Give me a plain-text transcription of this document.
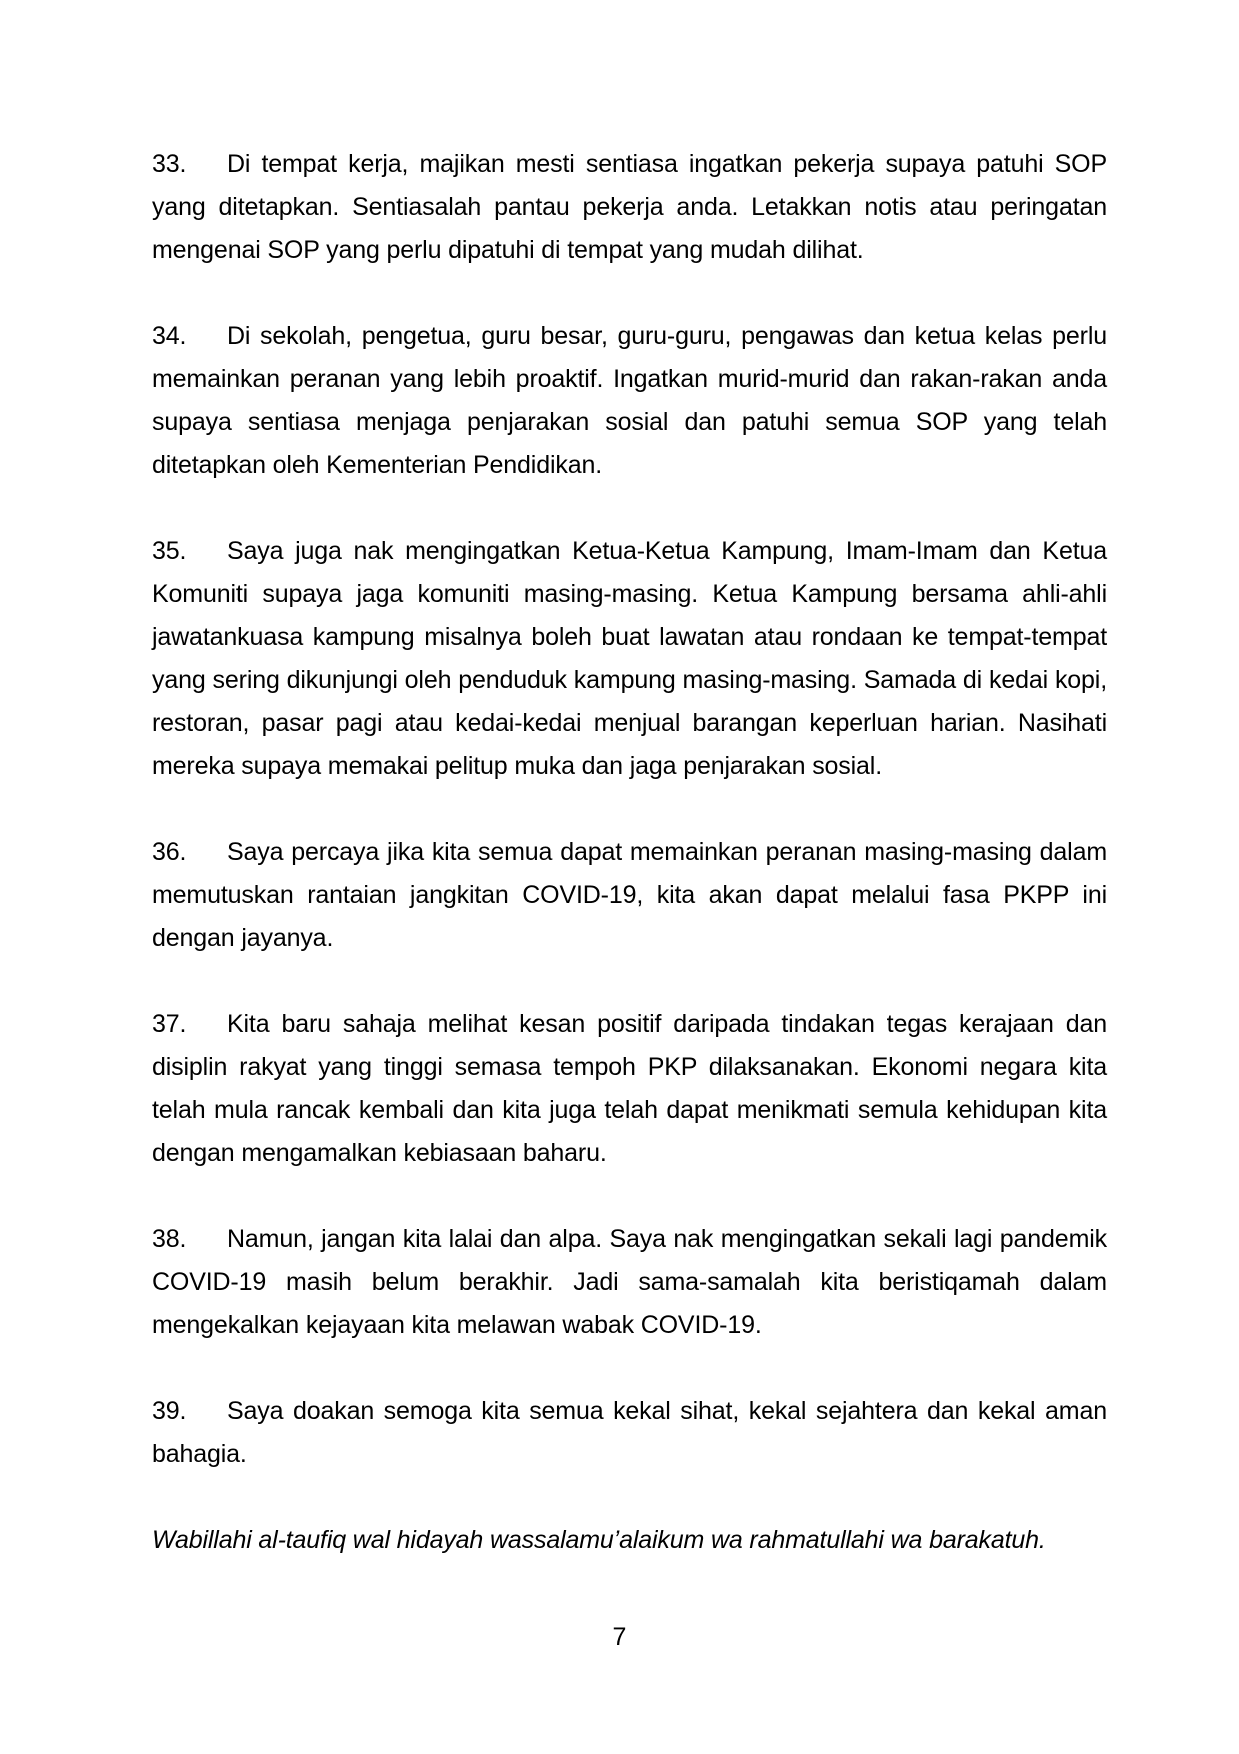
33. Di tempat kerja, majikan mesti sentiasa ingatkan pekerja supaya patuhi SOP yang ditetapkan. Sentiasalah pantau pekerja anda. Letakkan notis atau peringatan mengenai SOP yang perlu dipatuhi di tempat yang mudah dilihat.

34. Di sekolah, pengetua, guru besar, guru-guru, pengawas dan ketua kelas perlu memainkan peranan yang lebih proaktif. Ingatkan murid-murid dan rakan-rakan anda supaya sentiasa menjaga penjarakan sosial dan patuhi semua SOP yang telah ditetapkan oleh Kementerian Pendidikan.

35. Saya juga nak mengingatkan Ketua-Ketua Kampung, Imam-Imam dan Ketua Komuniti supaya jaga komuniti masing-masing. Ketua Kampung bersama ahli-ahli jawatankuasa kampung misalnya boleh buat lawatan atau rondaan ke tempat-tempat yang sering dikunjungi oleh penduduk kampung masing-masing. Samada di kedai kopi, restoran, pasar pagi atau kedai-kedai menjual barangan keperluan harian. Nasihati mereka supaya memakai pelitup muka dan jaga penjarakan sosial.

36. Saya percaya jika kita semua dapat memainkan peranan masing-masing dalam memutuskan rantaian jangkitan COVID-19, kita akan dapat melalui fasa PKPP ini dengan jayanya.

37. Kita baru sahaja melihat kesan positif daripada tindakan tegas kerajaan dan disiplin rakyat yang tinggi semasa tempoh PKP dilaksanakan. Ekonomi negara kita telah mula rancak kembali dan kita juga telah dapat menikmati semula kehidupan kita dengan mengamalkan kebiasaan baharu.

38. Namun, jangan kita lalai dan alpa. Saya nak mengingatkan sekali lagi pandemik COVID-19 masih belum berakhir. Jadi sama-samalah kita beristiqamah dalam mengekalkan kejayaan kita melawan wabak COVID-19.

39. Saya doakan semoga kita semua kekal sihat, kekal sejahtera dan kekal aman bahagia.

Wabillahi al-taufiq wal hidayah wassalamu’alaikum wa rahmatullahi wa barakatuh.

7
